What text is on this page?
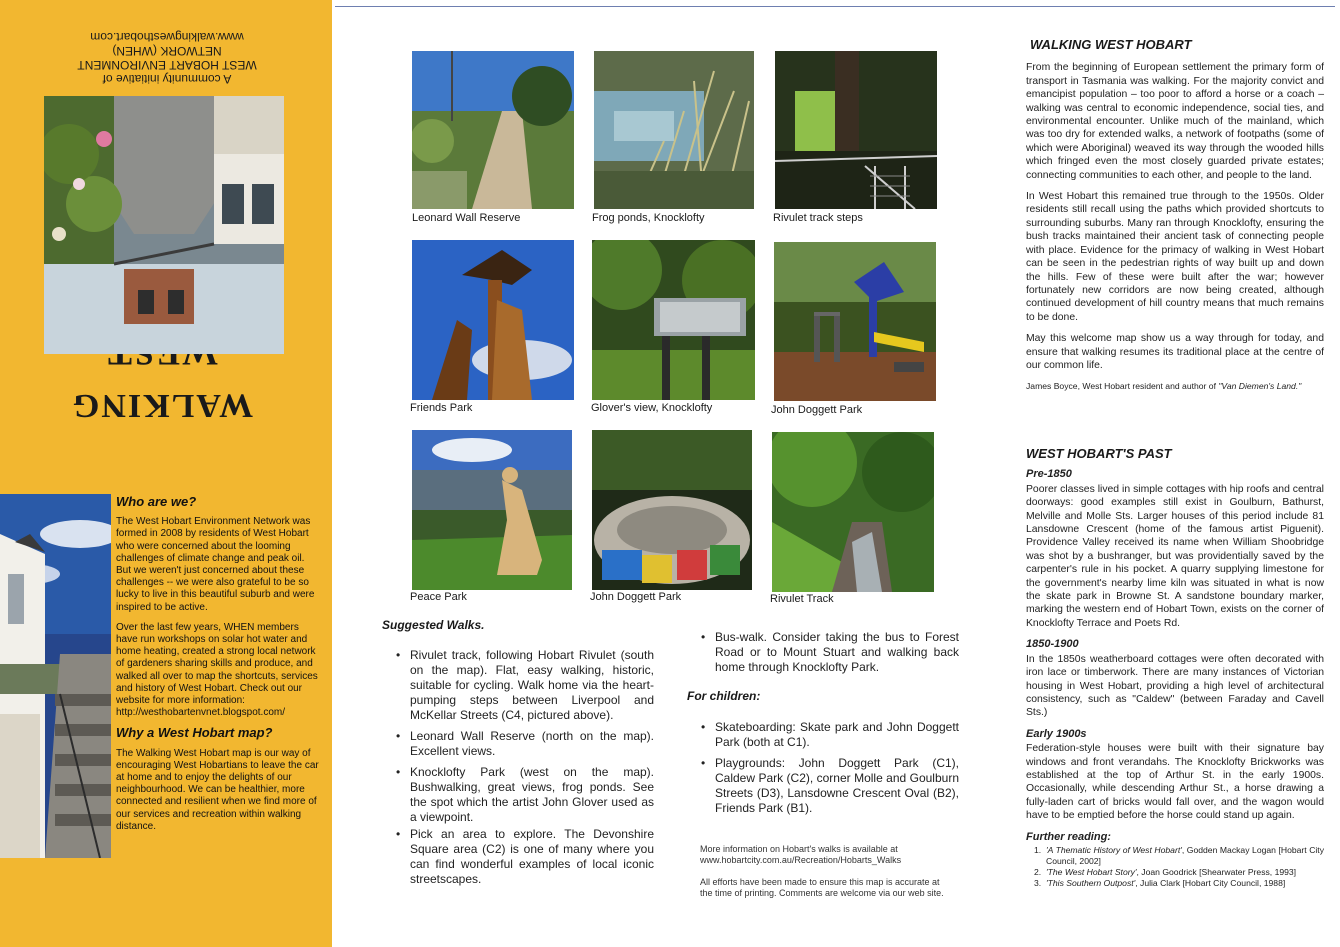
WALKING
A community initiative of
WEST HOBART ENVIRONMENT
NETWORK (WHEN)
www.walkingwesthobart.com
Who are we?

The West Hobart Environment Network was formed in 2008 by residents of West Hobart who were concerned about the looming challenges of climate change and peak oil. But we weren't just concerned about these challenges -- we were also grateful to be so lucky to live in this beautiful suburb and were inspired to be active.

Over the last few years, WHEN members have run workshops on solar hot water and home heating, created a strong local network of gardeners sharing skills and produce, and walked all over to map the shortcuts, services and history of West Hobart. Check out our website for more information:

http://westhobartenvnet.blogspot.com/

Why a West Hobart map?

The Walking West Hobart map is our way of encouraging West Hobartians to leave the car at home and to enjoy the delights of our neighbourhood. We can be healthier, more connected and resilient when we find more of our services and recreation within walking distance.

Leonard Wall Reserve	Frog ponds, Knocklofty	Rivulet track steps
Friends Park	Glover's view, Knocklofty	John Doggett Park
Peace Park	John Doggett Park	Rivulet Track
Suggested Walks.
• Rivulet track, following Hobart Rivulet (south on the map). Flat, easy walking, historic, suitable for cycling. Walk home via the heart-pumping steps between Liverpool and McKellar Streets (C4, pictured above).
• Leonard Wall Reserve (north on the map). Excellent views.
• Knocklofty Park (west on the map). Bushwalking, great views, frog ponds. See the spot which the artist John Glover used as a viewpoint.
• Pick an area to explore. The Devonshire Square area (C2) is one of many where you can find wonderful examples of local iconic streetscapes.
• Bus-walk. Consider taking the bus to Forest Road or to Mount Stuart and walking back home through Knocklofty Park.
For children:
• Skateboarding: Skate park and John Doggett Park (both at C1).
• Playgrounds: John Doggett Park (C1), Caldew Park (C2), corner Molle and Goulburn Streets (D3), Lansdowne Crescent Oval (B2), Friends Park (B1).
More information on Hobart's walks is available at
www.hobartcity.com.au/Recreation/Hobarts_Walks
All efforts have been made to ensure this map is accurate at
the time of printing. Comments are welcome via our web site.
WALKING WEST HOBART

From the beginning of European settlement the primary form of transport in Tasmania was walking. For the majority convict and emancipist population – too poor to afford a horse or a coach – walking was central to economic independence, social ties, and environmental encounter. Unlike much of the mainland, which was too dry for extended walks, a network of footpaths (some of which were Aboriginal) weaved its way through the wooded hills which fringed even the most closely guarded private estates; connecting communities to each other, and people to the land.

In West Hobart this remained true through to the 1950s. Older residents still recall using the paths which provided shortcuts to surrounding suburbs. Many ran through Knocklofty, ensuring the bush tracks maintained their ancient task of connecting people with place. Evidence for the primacy of walking in West Hobart can be seen in the pedestrian rights of way built up and down the hills. Few of these were built after the war; however fortunately new corridors are now being created, although continued development of hill country means that much remains to be done.

May this welcome map show us a way through for today, and ensure that walking resumes its traditional place at the centre of our common life.

James Boyce, West Hobart resident and author of "Van Diemen's Land."

WEST HOBART'S PAST
Pre-1850

Poorer classes lived in simple cottages with hip roofs and central doorways: good examples still exist in Goulburn, Bathurst, Melville and Molle Sts. Larger houses of this period include 81 Lansdowne Crescent (home of the famous artist Piguenit). Providence Valley received its name when William Shoobridge was shot by a bushranger, but was providentially saved by the carpenter's rule in his pocket. A quarry supplying limestone for the government's nearby lime kiln was situated in what is now the skate park in Browne St. A sandstone boundary marker, marking the western end of Hobart Town, exists on the corner of Knocklofty Terrace and Poets Rd.

1850-1900

In the 1850s weatherboard cottages were often decorated with iron lace or timberwork. There are many instances of Victorian housing in West Hobart, providing a high level of architectural consistency, such as "Caldew" (between Faraday and Cavell Sts.)

Early 1900s

Federation-style houses were built with their signature bay windows and front verandahs. The Knocklofty Brickworks was established at the top of Arthur St. in the early 1900s. Occasionally, while descending Arthur St., a horse drawing a fully-laden cart of bricks would fall over, and the wagon would have to be emptied before the horse could stand up again.

Further reading:
1. 'A Thematic History of West Hobart', Godden Mackay Logan [Hobart City Council, 2002]
2. 'The West Hobart Story', Joan Goodrick [Shearwater Press, 1993]
3. 'This Southern Outpost', Julia Clark [Hobart City Council, 1988]
